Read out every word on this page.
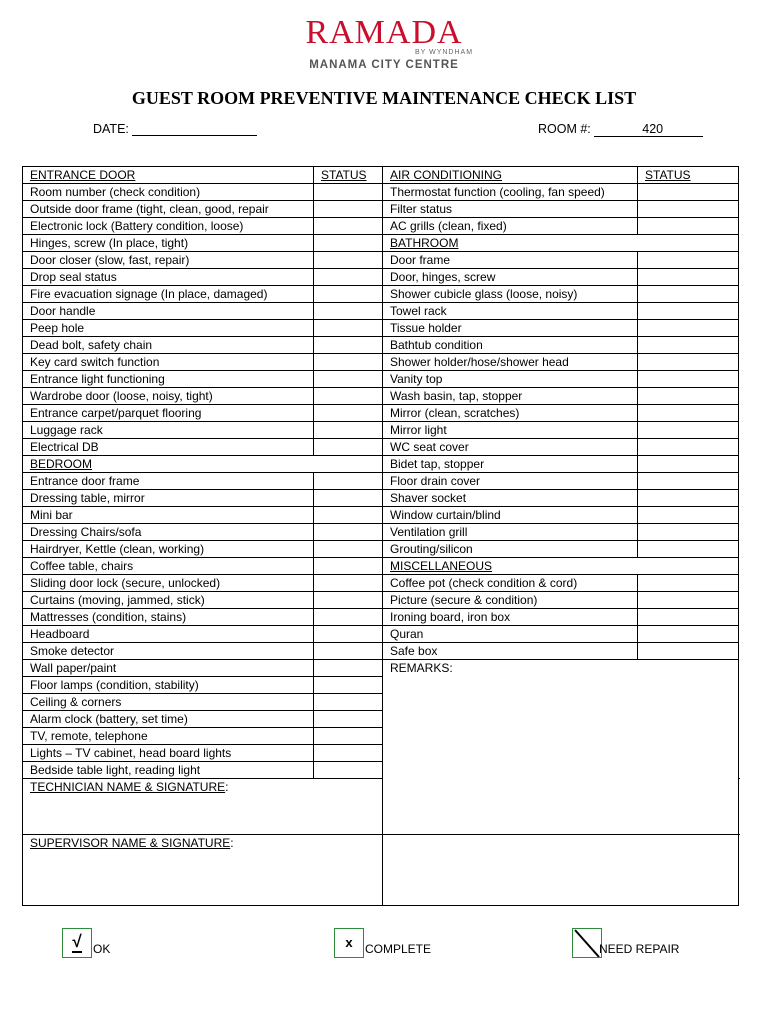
RAMADA
BY WYNDHAM
MANAMA CITY CENTRE
GUEST ROOM PREVENTIVE MAINTENANCE CHECK LIST
DATE:	ROOM #:	420
ENTRANCE DOOR	STATUS	AIR CONDITIONING	STATUS	
Room number (check condition)		Thermostat function (cooling, fan speed)		
Outside door frame (tight, clean, good, repair		Filter status		
Electronic lock (Battery condition, loose)		AC grills (clean, fixed)		
Hinges, screw (In place, tight)		BATHROOM		
Door closer (slow, fast, repair)		Door frame		
Drop seal status		Door, hinges, screw		
Fire evacuation signage (In place, damaged)		Shower cubicle glass (loose, noisy)		
Door handle		Towel rack		
Peep hole		Tissue holder		
Dead bolt, safety chain		Bathtub condition		
Key card switch function		Shower holder/hose/shower head		
Entrance light functioning		Vanity top		
Wardrobe door (loose, noisy, tight)		Wash basin, tap, stopper		
Entrance carpet/parquet flooring		Mirror (clean, scratches)		
Luggage rack		Mirror light		
Electrical DB		WC seat cover		
BEDROOM		Bidet tap, stopper		
Entrance door frame		Floor drain cover		
Dressing table, mirror		Shaver socket		
Mini bar		Window curtain/blind		
Dressing Chairs/sofa		Ventilation grill		
Hairdryer, Kettle (clean, working)		Grouting/silicon		
Coffee table, chairs		MISCELLANEOUS		
Sliding door lock (secure, unlocked)		Coffee pot (check condition & cord)		
Curtains (moving, jammed, stick)		Picture (secure & condition)		
Mattresses (condition, stains)		Ironing board, iron box		
Headboard		Quran		
Smoke detector		Safe box		
Wall paper/paint		REMARKS:		
Floor lamps (condition, stability)				
Ceiling & corners				
Alarm clock (battery, set time)				
TV, remote, telephone				
Lights – TV cabinet, head board lights				
Bedside table light, reading light				
TECHNICIAN NAME & SIGNATURE:				
SUPERVISOR NAME & SIGNATURE:				
√ OK	x	COMPLETE	NEED REPAIR
